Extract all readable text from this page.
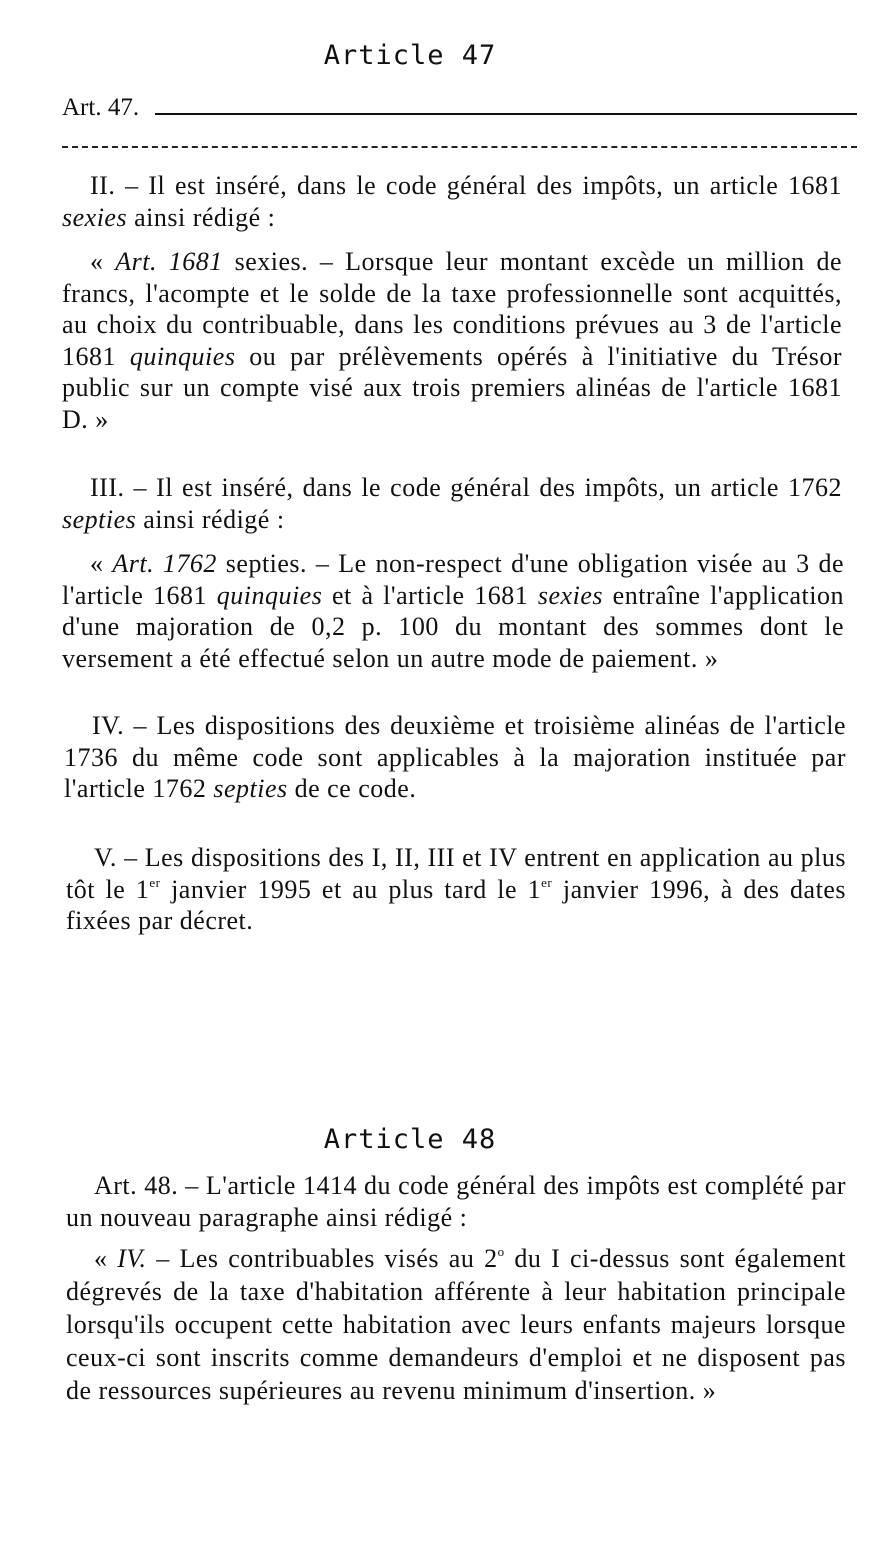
Article 47
Art. 47.

II. – Il est inséré, dans le code général des impôts, un article 1681 sexies ainsi rédigé :

« Art. 1681 sexies. – Lorsque leur montant excède un million de francs, l'acompte et le solde de la taxe professionnelle sont acquittés, au choix du contribuable, dans les conditions prévues au 3 de l'article 1681 quinquies ou par prélèvements opérés à l'initiative du Trésor public sur un compte visé aux trois premiers alinéas de l'article 1681 D. »

III. – Il est inséré, dans le code général des impôts, un article 1762 septies ainsi rédigé :

« Art. 1762 septies. – Le non-respect d'une obligation visée au 3 de l'article 1681 quinquies et à l'article 1681 sexies entraîne l'application d'une majoration de 0,2 p. 100 du montant des sommes dont le versement a été effectué selon un autre mode de paiement. »

IV. – Les dispositions des deuxième et troisième alinéas de l'article 1736 du même code sont applicables à la majoration instituée par l'article 1762 septies de ce code.

V. – Les dispositions des I, II, III et IV entrent en application au plus tôt le 1er janvier 1995 et au plus tard le 1er janvier 1996, à des dates fixées par décret.

Article 48

Art. 48. – L'article 1414 du code général des impôts est complété par un nouveau paragraphe ainsi rédigé :

« IV. – Les contribuables visés au 2$^o$ du I ci-dessus sont également dégrevés de la taxe d'habitation afférente à leur habitation principale lorsqu'ils occupent cette habitation avec leurs enfants majeurs lorsque ceux-ci sont inscrits comme demandeurs d'emploi et ne disposent pas de ressources supérieures au revenu minimum d'insertion. »
